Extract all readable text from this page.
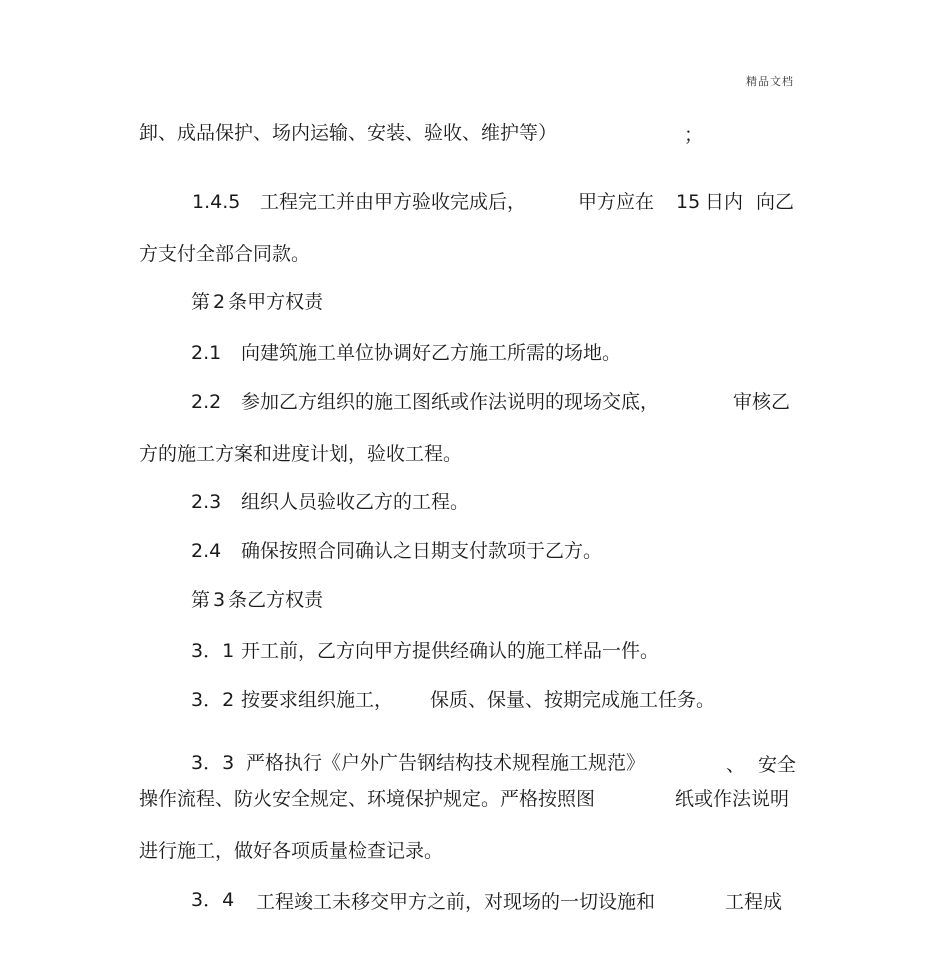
精品文档
卸、成品保护、场内运输、安装、验收、维护等）	；
1.4.5 工程完工并由甲方验收完成后，	甲方应在 15 日内 向乙
方支付全部合同款。
第 2 条甲方权责
2.1 向建筑施工单位协调好乙方施工所需的场地。
2.2 参加乙方组织的施工图纸或作法说明的现场交底，	审核乙
方的施工方案和进度计划，验收工程。
2.3 组织人员验收乙方的工程。
2.4 确保按照合同确认之日期支付款项于乙方。
第 3 条乙方权责
3．1 开工前，乙方向甲方提供经确认的施工样品一件。
3．2 按要求组织施工， 保质、保量、按期完成施工任务。
3．3 严格执行《户外广告钢结构技术规程施工规范》	、 安全
操作流程、防火安全规定、环境保护规定。严格按照图	纸或作法说明
进行施工，做好各项质量检查记录。
3．4 工程竣工未移交甲方之前，对现场的一切设施和	工程成
